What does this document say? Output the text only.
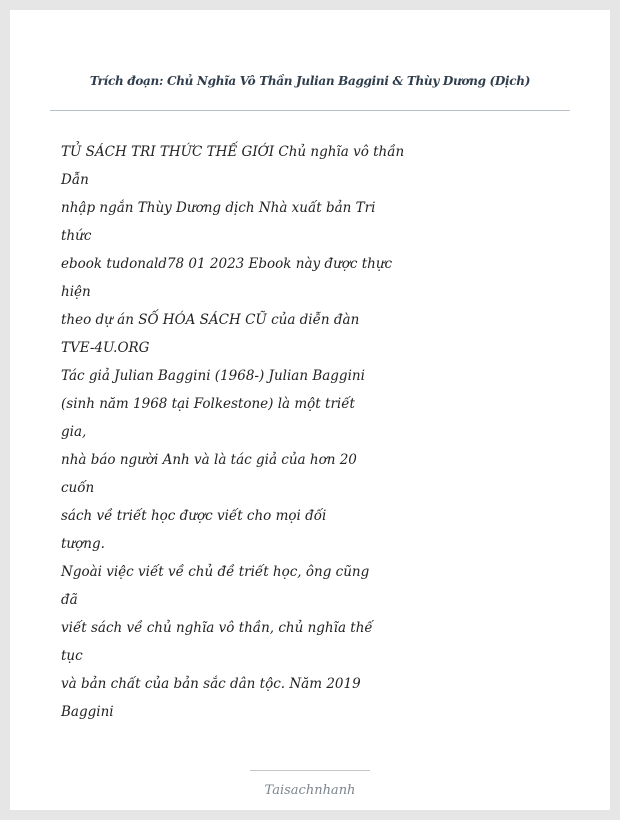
Trích đoạn: Chủ Nghĩa Vô Thần Julian Baggini & Thùy Dương (Dịch)
TỦ SÁCH TRI THỨC THẾ GIỚI Chủ nghĩa vô thần
Dẫn
nhập ngắn Thùy Dương dịch Nhà xuất bản Tri
thức
ebook tudonald78 01 2023 Ebook này được thực
hiện
theo dự án SỐ HÓA SÁCH CŨ của diễn đàn
TVE-4U.ORG
Tác giả Julian Baggini (1968-) Julian Baggini
(sinh năm 1968 tại Folkestone) là một triết
gia,
nhà báo người Anh và là tác giả của hơn 20
cuốn
sách về triết học được viết cho mọi đối
tượng.
Ngoài việc viết về chủ đề triết học, ông cũng
đã
viết sách về chủ nghĩa vô thần, chủ nghĩa thế
tục
và bản chất của bản sắc dân tộc. Năm 2019
Baggini
Taisachnhanh
